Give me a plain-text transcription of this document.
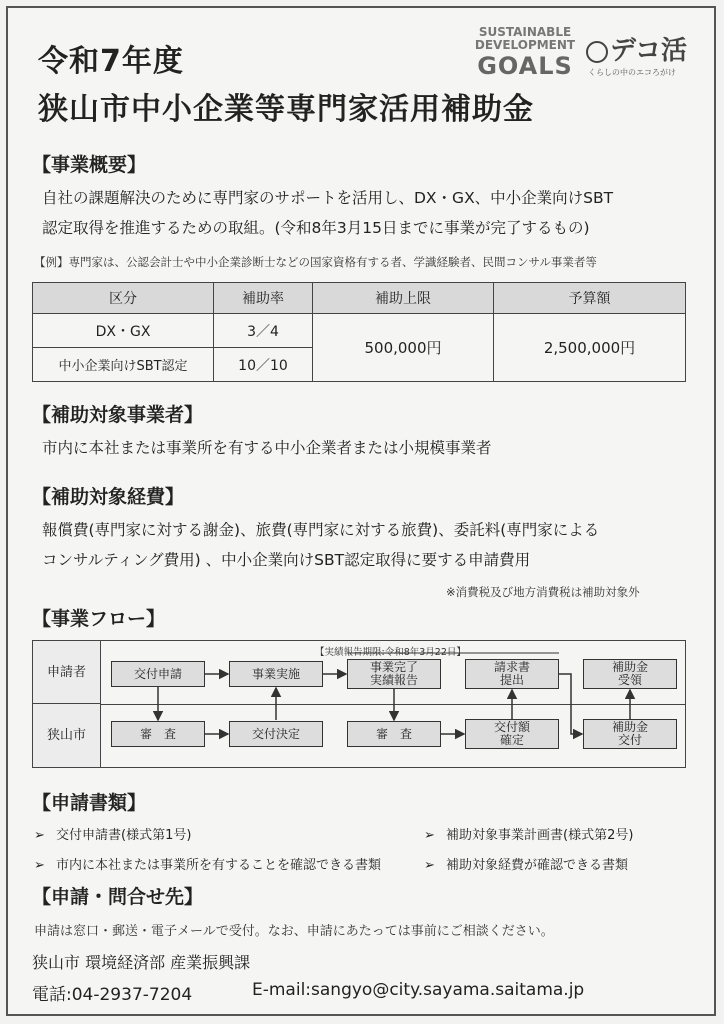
令和7年度
狭山市中小企業等専門家活用補助金
SUSTAINABLE
DEVELOPMENT
GOALS	デコ活
くらしの中のエコろがけ
【事業概要】
自社の課題解決のために専門家のサポートを活用し、DX・GX、中小企業向けSBT
認定取得を推進するための取組。(令和8年3月15日までに事業が完了するもの)
【例】専門家は、公認会計士や中小企業診断士などの国家資格有する者、学識経験者、民間コンサル事業者等
区分	補助率	補助上限	予算額
DX・GX	3／4	500,000円	2,500,000円
中小企業向けSBT認定	10／10		
【補助対象事業者】
市内に本社または事業所を有する中小企業者または小規模事業者
【補助対象経費】
報償費(専門家に対する謝金)、旅費(専門家に対する旅費)、委託料(専門家による
コンサルティング費用) 、中小企業向けSBT認定取得に要する申請費用
※消費税及び地方消費税は補助対象外
【事業フロー】
申請者
狭山市
【実績報告期限:令和8年3月22日】
交付申請	事業実施	事業完了
実績報告
請求書
提出
補助金
受領
審　査	交付決定	審　査	交付額
確定
補助金
交付
【申請書類】
➢ 交付申請書(様式第1号)	➢ 補助対象事業計画書(様式第2号)
➢ 市内に本社または事業所を有することを確認できる書類	➢ 補助対象経費が確認できる書類
【申請・問合せ先】
申請は窓口・郵送・電子メールで受付。なお、申請にあたっては事前にご相談ください。
狭山市 環境経済部 産業振興課
電話:04-2937-7204	E-mail:sangyo@city.sayama.saitama.jp
